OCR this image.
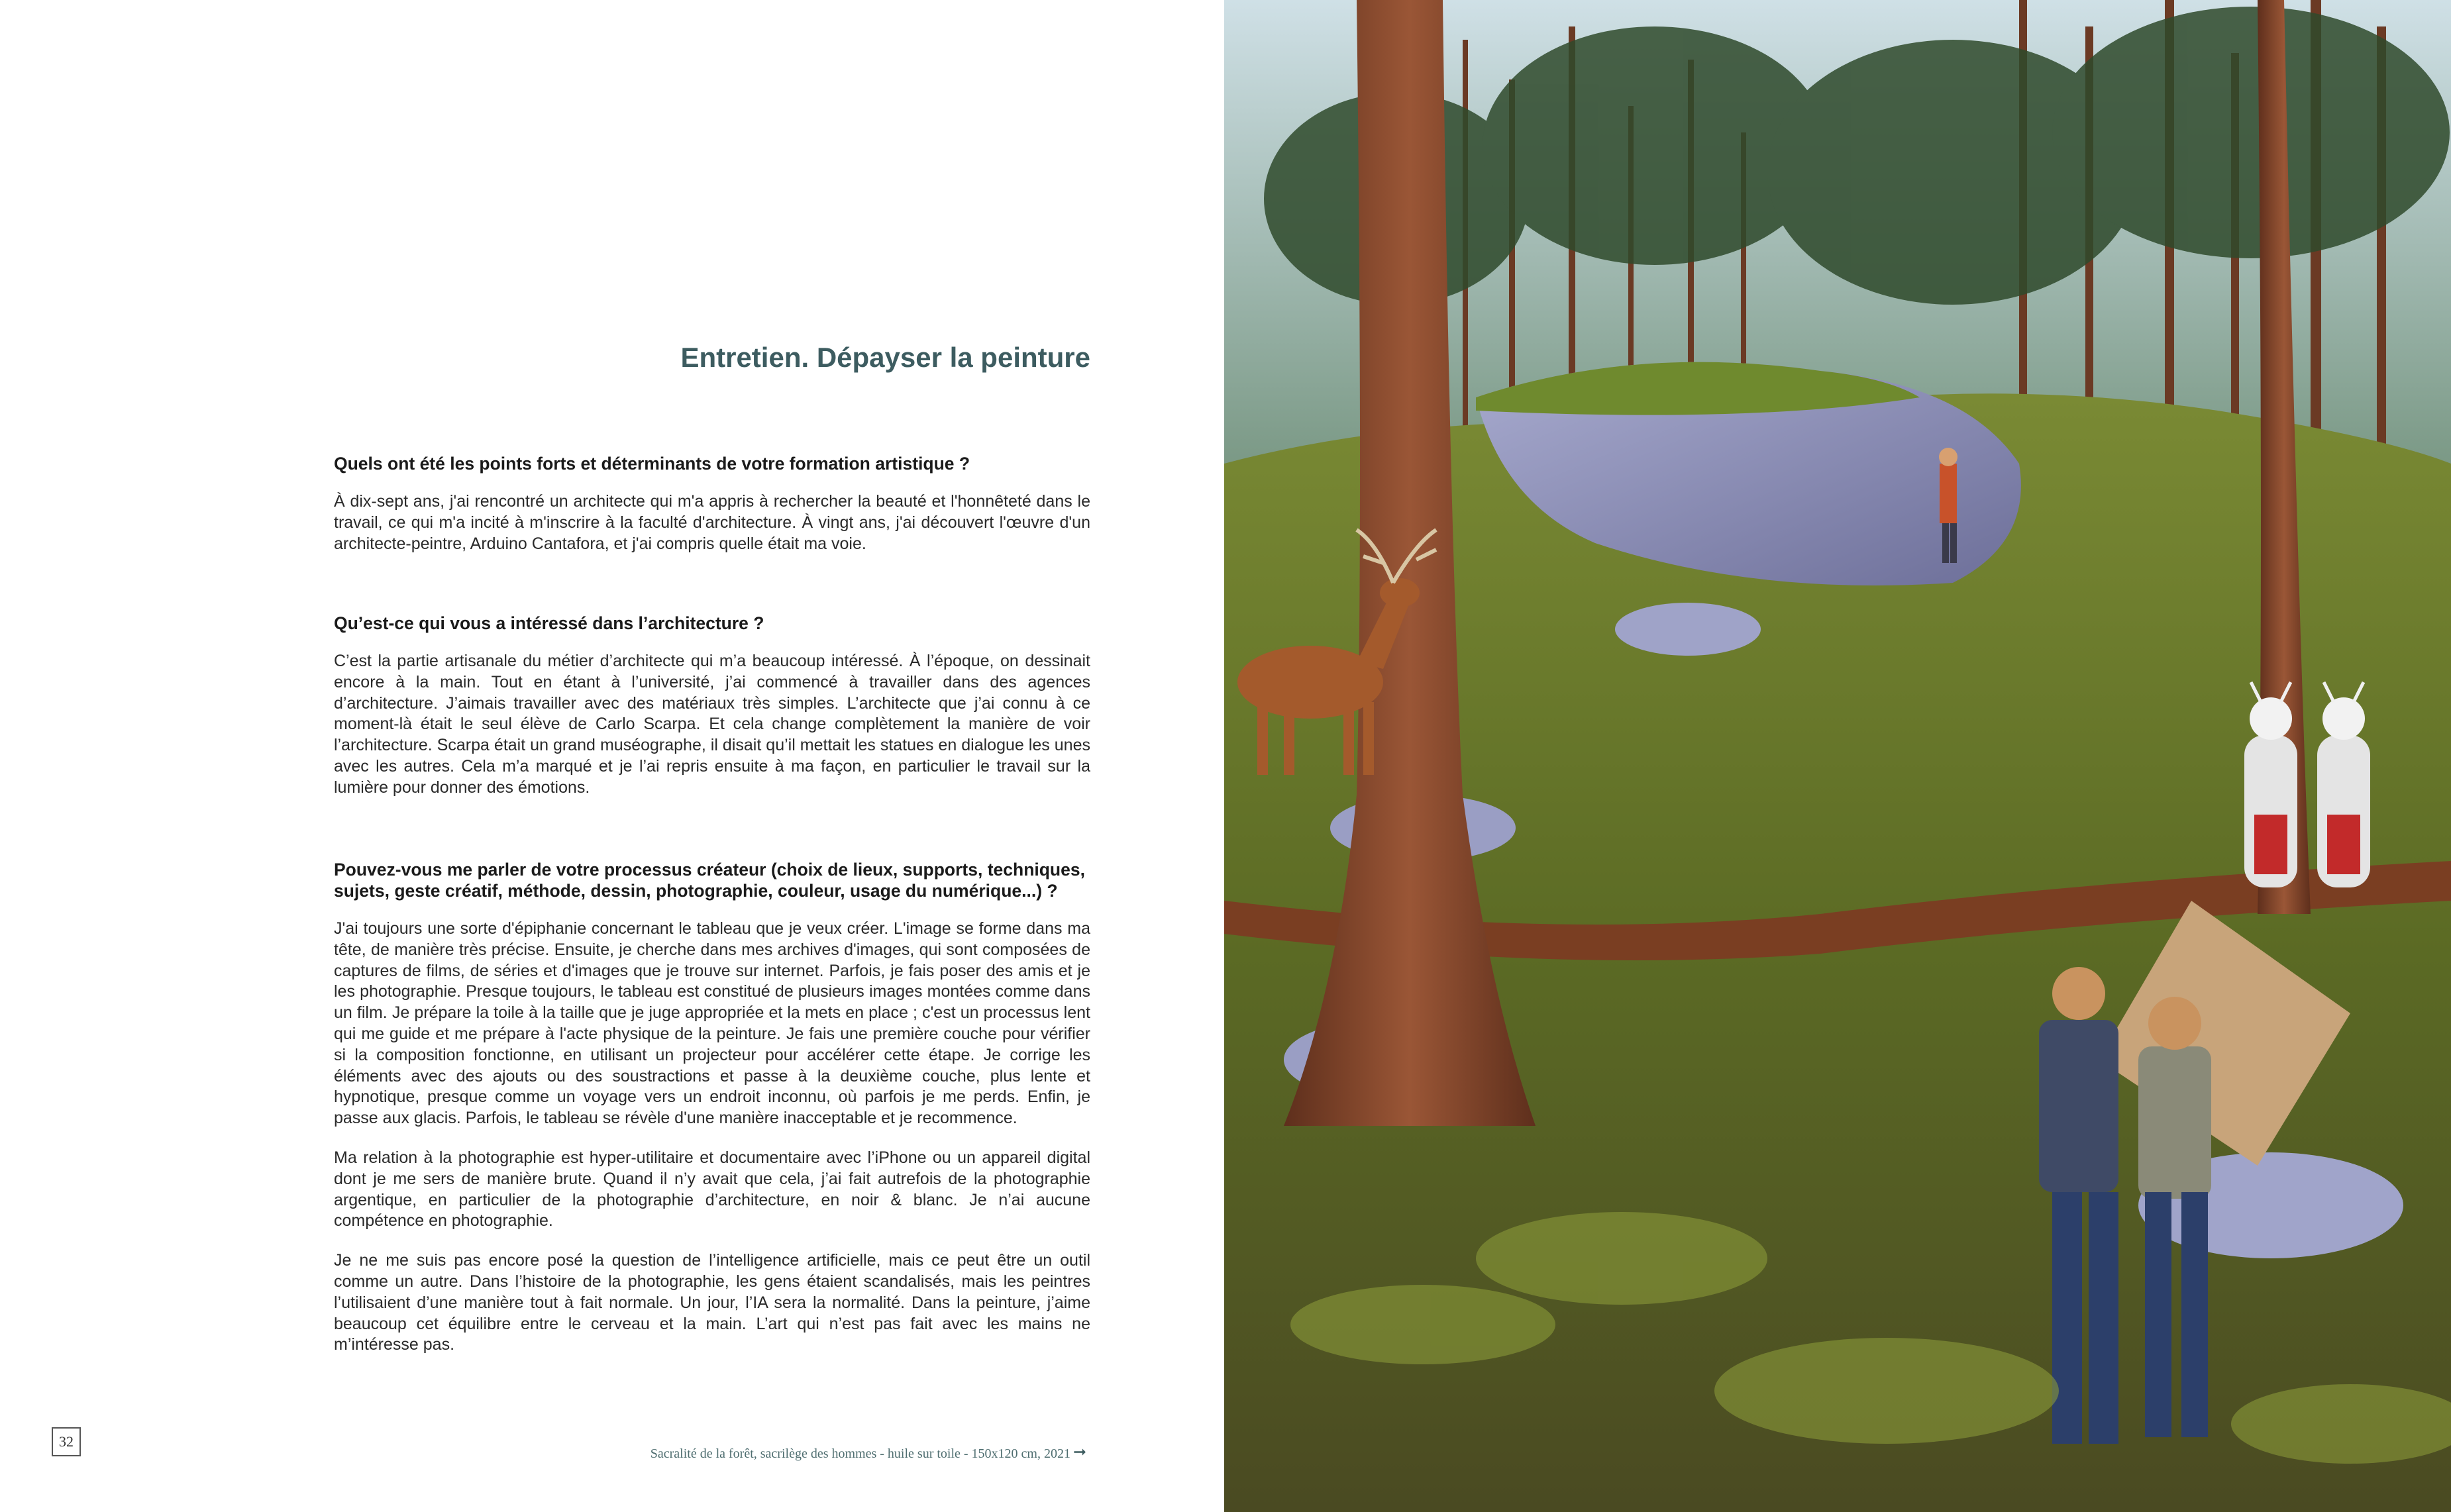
Entretien. Dépayser la peinture

Quels ont été les points forts et déterminants de votre formation artistique ?

À dix-sept ans, j'ai rencontré un architecte qui m'a appris à rechercher la beauté et l'honnêteté dans le travail, ce qui m'a incité à m'inscrire à la faculté d'architecture. À vingt ans, j'ai découvert l'œuvre d'un architecte-peintre, Arduino Cantafora, et j'ai compris quelle était ma voie.

Qu’est-ce qui vous a intéressé dans l’architecture ?

C’est la partie artisanale du métier d’architecte qui m’a beaucoup intéressé. À l’époque, on dessinait encore à la main. Tout en étant à l’université, j’ai commencé à travailler dans des agences d’architecture. J’aimais travailler avec des matériaux très simples. L’architecte que j’ai connu à ce moment-là était le seul élève de Carlo Scarpa. Et cela change complètement la manière de voir l’architecture. Scarpa était un grand muséographe, il disait qu’il mettait les statues en dialogue les unes avec les autres. Cela m’a marqué et je l’ai repris ensuite à ma façon, en particulier le travail sur la lumière pour donner des émotions.

Pouvez-vous me parler de votre processus créateur (choix de lieux, supports, techniques, sujets, geste créatif, méthode, dessin, photographie, couleur, usage du numérique...) ?

J'ai toujours une sorte d'épiphanie concernant le tableau que je veux créer. L'image se forme dans ma tête, de manière très précise. Ensuite, je cherche dans mes archives d'images, qui sont composées de captures de films, de séries et d'images que je trouve sur internet. Parfois, je fais poser des amis et je les photographie. Presque toujours, le tableau est constitué de plusieurs images montées comme dans un film. Je prépare la toile à la taille que je juge appropriée et la mets en place ; c'est un processus lent qui me guide et me prépare à l'acte physique de la peinture. Je fais une première couche pour vérifier si la composition fonctionne, en utilisant un projecteur pour accélérer cette étape. Je corrige les éléments avec des ajouts ou des soustractions et passe à la deuxième couche, plus lente et hypnotique, presque comme un voyage vers un endroit inconnu, où parfois je me perds. Enfin, je passe aux glacis. Parfois, le tableau se révèle d'une manière inacceptable et je recommence.

Ma relation à la photographie est hyper-utilitaire et documentaire avec l’iPhone ou un appareil digital dont je me sers de manière brute. Quand il n’y avait que cela, j’ai fait autrefois de la photographie argentique, en particulier de la photographie d’architecture, en noir & blanc. Je n’ai aucune compétence en photographie.

Je ne me suis pas encore posé la question de l’intelligence artificielle, mais ce peut être un outil comme un autre. Dans l’histoire de la photographie, les gens étaient scandalisés, mais les peintres l’utilisaient d’une manière tout à fait normale. Un jour, l’IA sera la normalité. Dans la peinture, j’aime beaucoup cet équilibre entre le cerveau et la main. L’art qui n’est pas fait avec les mains ne m’intéresse pas.

32
Sacralité de la forêt, sacrilège des hommes - huile sur toile - 150x120 cm, 2021 ➞
